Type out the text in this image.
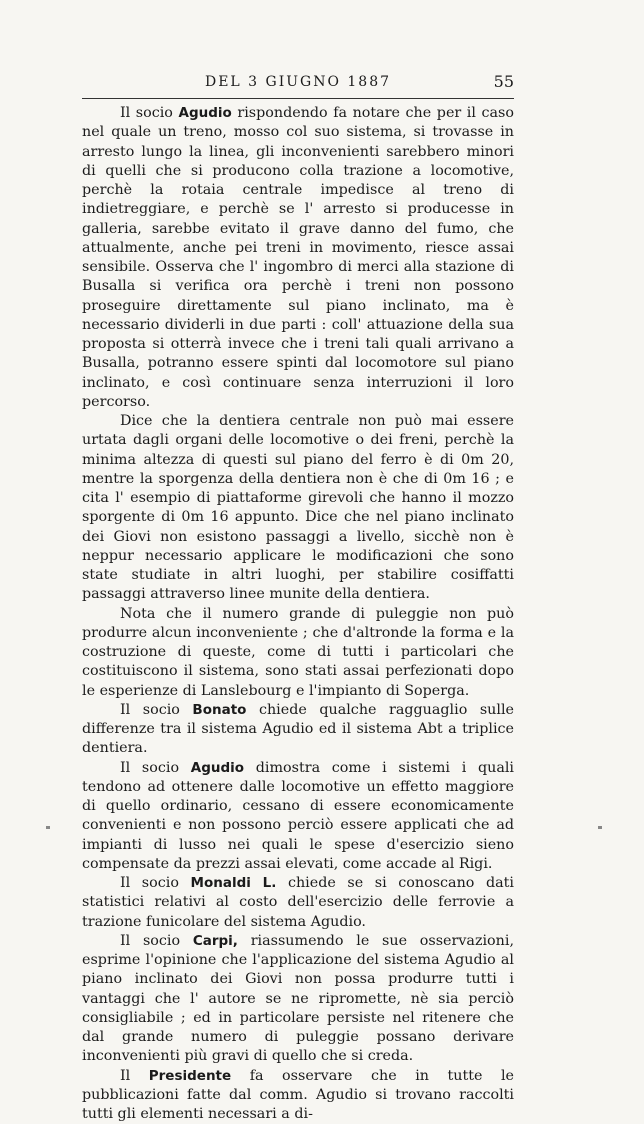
DEL 3 GIUGNO 1887	55

Il socio Agudio rispondendo fa notare che per il caso nel quale un treno, mosso col suo sistema, si trovasse in arresto lungo la linea, gli inconvenienti sarebbero minori di quelli che si producono colla trazione a locomotive, perchè la rotaia centrale impedisce al treno di indietreggiare, e perchè se l' arresto si producesse in galleria, sarebbe evitato il grave danno del fumo, che attualmente, anche pei treni in movimento, riesce assai sensibile. Osserva che l' ingombro di merci alla stazione di Busalla si verifica ora perchè i treni non possono proseguire direttamente sul piano inclinato, ma è necessario dividerli in due parti : coll' attuazione della sua proposta si otterrà invece che i treni tali quali arrivano a Busalla, potranno essere spinti dal locomotore sul piano inclinato, e così continuare senza interruzioni il loro percorso.

Dice che la dentiera centrale non può mai essere urtata dagli organi delle locomotive o dei freni, perchè la minima altezza di questi sul piano del ferro è di 0m 20, mentre la sporgenza della dentiera non è che di 0m 16 ; e cita l' esempio di piattaforme girevoli che hanno il mozzo sporgente di 0m 16 appunto. Dice che nel piano inclinato dei Giovi non esistono passaggi a livello, sicchè non è neppur necessario applicare le modificazioni che sono state studiate in altri luoghi, per stabilire cosiffatti passaggi attraverso linee munite della dentiera.

Nota che il numero grande di puleggie non può produrre alcun inconveniente ; che d'altronde la forma e la costruzione di queste, come di tutti i particolari che costituiscono il sistema, sono stati assai perfezionati dopo le esperienze di Lanslebourg e l'impianto di Soperga.

Il socio Bonato chiede qualche ragguaglio sulle differenze tra il sistema Agudio ed il sistema Abt a triplice dentiera.

Il socio Agudio dimostra come i sistemi i quali tendono ad ottenere dalle locomotive un effetto maggiore di quello ordinario, cessano di essere economicamente convenienti e non possono perciò essere applicati che ad impianti di lusso nei quali le spese d'esercizio sieno compensate da prezzi assai elevati, come accade al Rigi.

Il socio Monaldi L. chiede se si conoscano dati statistici relativi al costo dell'esercizio delle ferrovie a trazione funicolare del sistema Agudio.

Il socio Carpi, riassumendo le sue osservazioni, esprime l'opinione che l'applicazione del sistema Agudio al piano inclinato dei Giovi non possa produrre tutti i vantaggi che l' autore se ne ripromette, nè sia perciò consigliabile ; ed in particolare persiste nel ritenere che dal grande numero di puleggie possano derivare inconvenienti più gravi di quello che si creda.

Il Presidente fa osservare che in tutte le pubblicazioni fatte dal comm. Agudio si trovano raccolti tutti gli elementi necessari a di-
